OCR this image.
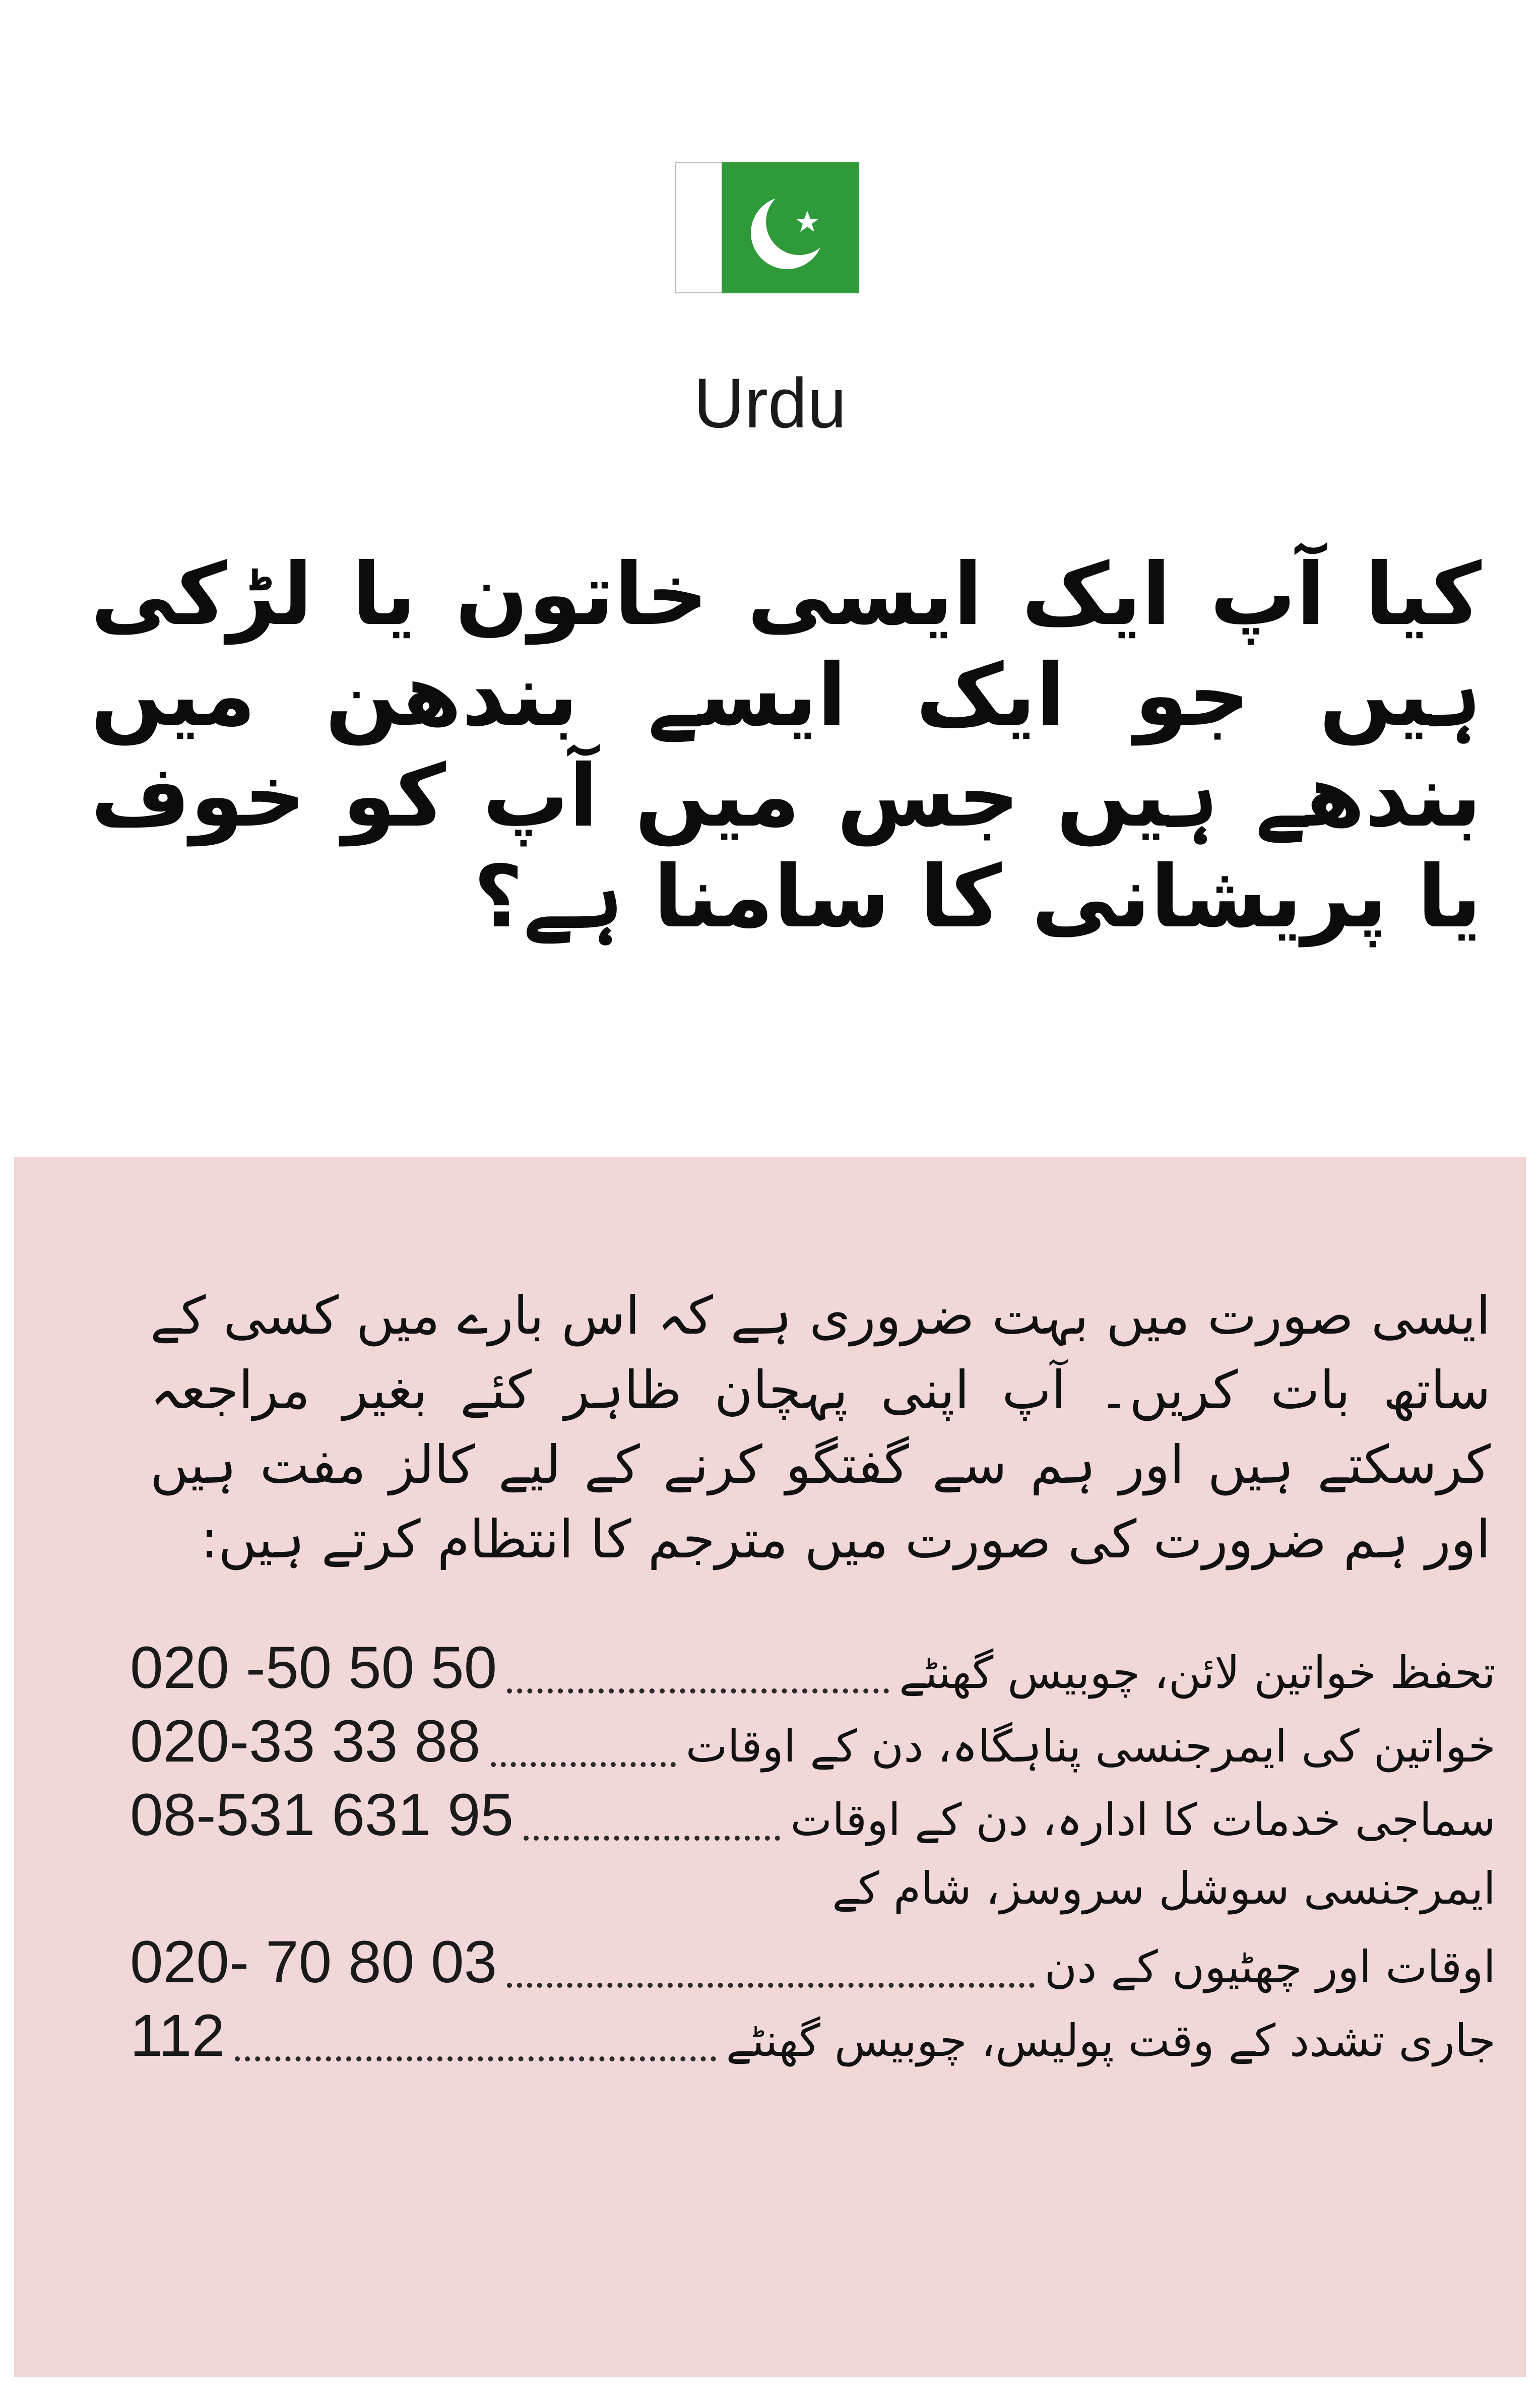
Urdu
کیا آپ ایک ایسی خاتون یا لڑکی ہیں جو ایک ایسے بندھن میں بندھے ہیں جس میں آپ کو خوف یا پریشانی کا سامنا ہے؟
ایسی صورت میں بہت ضروری ہے کہ اس بارے میں کسی کے ساتھ بات کریں۔ آپ اپنی پہچان ظاہر کئے بغیر مراجعہ کرسکتے ہیں اور ہم سے گفتگو کرنے کے لیے کالز مفت ہیں اور ہم ضرورت کی صورت میں مترجم کا انتظام کرتے ہیں:
020 -50 50 50	تحفظ خواتین لائن، چوبیس گھنٹے
020-33 33 88	خواتین کی ایمرجنسی پناہگاہ، دن کے اوقات
08-531 631 95	سماجی خدمات کا ادارہ، دن کے اوقات
ایمرجنسی سوشل سروسز، شام کے
020- 70 80 03	اوقات اور چھٹیوں کے دن
112	جاری تشدد کے وقت پولیس، چوبیس گھنٹے
